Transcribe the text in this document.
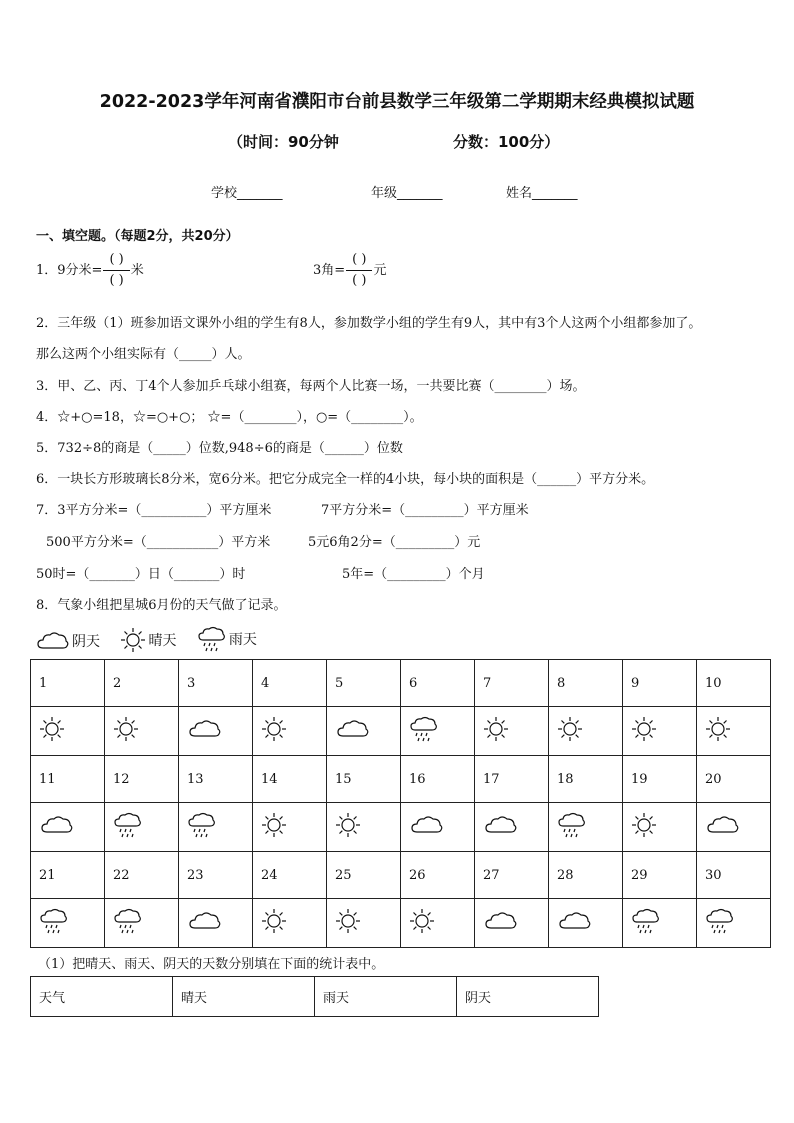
2022-2023学年河南省濮阳市台前县数学三年级第二学期期末经典模拟试题
（时间：90分钟	分数：100分）
学校_______	年级_______	姓名_______
一、填空题。（每题2分，共20分）
1．9分米= $\frac{( )}{( )}$ 米	3角= $\frac{( )}{( )}$ 元
2．三年级（1）班参加语文课外小组的学生有8人，参加数学小组的学生有9人，其中有3个人这两个小组都参加了。
那么这两个小组实际有（_____）人。
3．甲、乙、丙、丁4个人参加乒乓球小组赛，每两个人比赛一场，一共要比赛（________）场。
4．☆+○=18，☆=○+○； ☆=（________），○=（________）。
5．732÷8的商是（_____）位数,948÷6的商是（______）位数
6．一块长方形玻璃长8分米，宽6分米。把它分成完全一样的4小块，每小块的面积是（______）平方分米。
7．3平方分米=（__________）平方厘米	7平方分米=（_________）平方厘米
500平方分米=（___________）平方米	5元6角2分=（_________）元
50时=（_______）日（_______）时	5年=（_________）个月
8．气象小组把星城6月份的天气做了记录。
阴天
	晴天
	雨天
1	2	3	4	5	6	7	8	9	10

11	12	13	14	15	16	17	18	19	20

21	22	23	24	25	26	27	28	29	30

（1）把晴天、雨天、阴天的天数分别填在下面的统计表中。
天气	晴天	雨天	阴天
